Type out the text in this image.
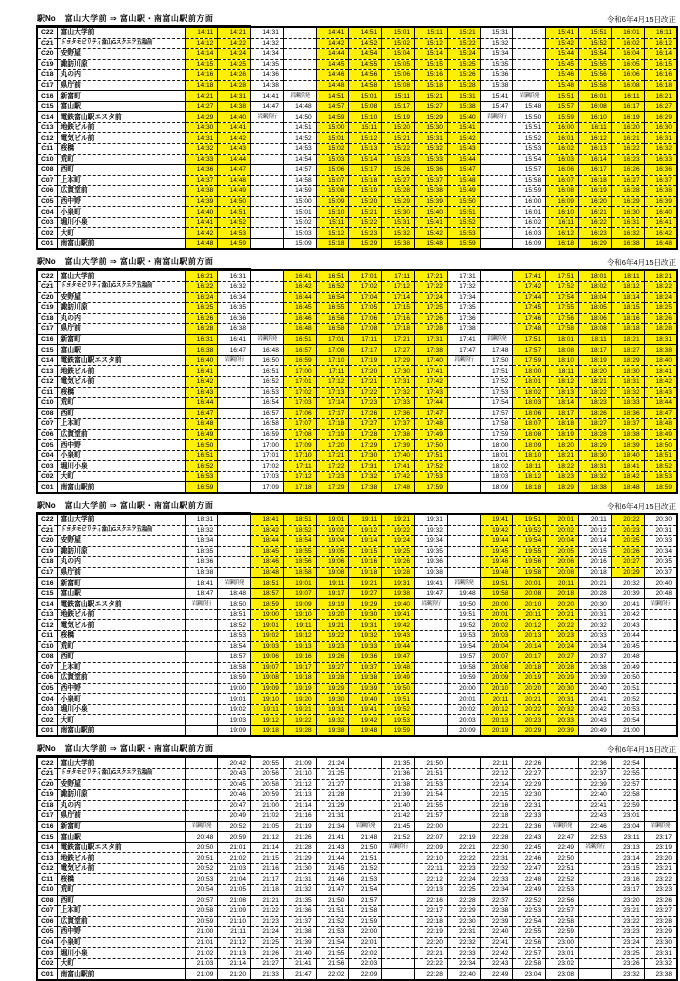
駅No	富山大学前 ⇒ 富山駅・南富山駅前方面	令和6年4月15日改正
C22	富山大学前	14:11	14:21	14:31		14:41	14:51	15:01	15:11	15:21	15:31		15:41	15:51	16:01	16:11
C21	トヨタモビリティ富山Gスクエア五福前	14:12	14:22	14:32		14:42	14:52	15:02	15:12	15:22	15:32		15:42	15:52	16:02	16:12
C20	安野屋	14:14	14:24	14:34		14:44	14:54	15:04	15:14	15:24	15:34		15:44	15:54	16:04	16:14
C19	諏訪川原	14:15	14:25	14:35		14:45	14:55	15:05	15:15	15:25	15:35		15:45	15:55	16:05	16:15
C18	丸の内	14:16	14:26	14:36		14:46	14:56	15:06	15:16	15:26	15:36		15:46	15:56	16:06	16:16
C17	県庁前	14:18	14:28	14:38		14:48	14:58	15:08	15:18	15:28	15:38		15:48	15:58	16:08	16:18
C16	新富町	14:21	14:31	14:41	岩瀬浜発	14:51	15:01	15:11	15:21	15:31	15:41	岩瀬浜発	15:51	16:01	16:11	16:21
C15	富山駅	14:27	14:38	14:47	14:48	14:57	15:08	15:17	15:27	15:38	15:47	15:48	15:57	16:08	16:17	16:27
C14	電鉄富山駅エスタ前	14:29	14:40	岩瀬浜行	14:50	14:59	15:10	15:19	15:29	15:40	岩瀬浜行	15:50	15:59	16:10	16:19	16:29
C13	地鉄ビル前	14:30	14:41		14:51	15:00	15:11	15:20	15:30	15:41		15:51	16:00	16:11	16:20	16:30
C12	電気ビル前	14:31	14:42		14:52	15:01	15:12	15:21	15:31	15:42		15:52	16:01	16:12	16:21	16:31
C11	桜橋	14:32	14:43		14:53	15:02	15:13	15:22	15:32	15:43		15:53	16:02	16:13	16:22	16:32
C10	荒町	14:33	14:44		14:54	15:03	15:14	15:23	15:33	15:44		15:54	16:03	16:14	16:23	16:33
C08	西町	14:36	14:47		14:57	15:06	15:17	15:26	15:36	15:47		15:57	16:06	16:17	16:26	16:36
C07	上本町	14:37	14:48		14:58	15:07	15:18	15:27	15:37	15:48		15:58	16:07	16:18	16:27	16:37
C06	広貫堂前	14:38	14:49		14:59	15:08	15:19	15:28	15:38	15:49		15:59	16:08	16:19	16:28	16:38
C05	西中野	14:39	14:50		15:00	15:09	15:20	15:29	15:39	15:50		16:00	16:09	16:20	16:29	16:39
C04	小泉町	14:40	14:51		15:01	15:10	15:21	15:30	15:40	15:51		16:01	16:10	16:21	16:30	16:40
C03	堀川小泉	14:41	14:52		15:02	15:11	15:22	15:31	15:41	15:52		16:02	16:11	16:22	16:31	16:41
C02	大町	14:42	14:53		15:03	15:12	15:23	15:32	15:42	15:53		16:03	16:12	16:23	16:32	16:42
C01	南富山駅前	14:48	14:59		15:09	15:18	15:29	15:38	15:48	15:59		16:09	16:18	16:29	16:38	16:48
駅No	富山大学前 ⇒ 富山駅・南富山駅前方面	令和6年4月15日改正
C22	富山大学前	16:21	16:31		16:41	16:51	17:01	17:11	17:21	17:31		17:41	17:51	18:01	18:11	18:21
C21	トヨタモビリティ富山Gスクエア五福前	16:22	16:32		16:42	16:52	17:02	17:12	17:22	17:32		17:42	17:52	18:02	18:12	18:22
C20	安野屋	16:24	16:34		16:44	16:54	17:04	17:14	17:24	17:34		17:44	17:54	18:04	18:14	18:24
C19	諏訪川原	16:25	16:35		16:45	16:55	17:05	17:15	17:25	17:35		17:45	17:55	18:05	18:15	18:25
C18	丸の内	16:26	16:36		16:46	16:56	17:06	17:16	17:26	17:36		17:46	17:56	18:06	18:16	18:26
C17	県庁前	16:28	16:38		16:48	16:58	17:08	17:18	17:28	17:38		17:48	17:58	18:08	18:18	18:28
C16	新富町	16:31	16:41	岩瀬浜発	16:51	17:01	17:11	17:21	17:31	17:41	岩瀬浜発	17:51	18:01	18:11	18:21	18:31
C15	富山駅	16:38	16:47	16:48	16:57	17:08	17:17	17:27	17:38	17:47	17:48	17:57	18:08	18:17	18:27	18:38
C14	電鉄富山駅エスタ前	16:40	岩瀬浜行	16:50	16:59	17:10	17:19	17:29	17:40	岩瀬浜行	17:50	17:59	18:10	18:19	18:29	18:40
C13	地鉄ビル前	16:41		16:51	17:00	17:11	17:20	17:30	17:41		17:51	18:00	18:11	18:20	18:30	18:41
C12	電気ビル前	16:42		16:52	17:01	17:12	17:21	17:31	17:42		17:52	18:01	18:12	18:21	18:31	18:42
C11	桜橋	16:43		16:53	17:02	17:13	17:22	17:32	17:43		17:53	18:02	18:13	18:22	18:32	18:43
C10	荒町	16:44		16:54	17:03	17:14	17:23	17:33	17:44		17:54	18:03	18:14	18:23	18:33	18:44
C08	西町	16:47		16:57	17:06	17:17	17:26	17:36	17:47		17:57	18:06	18:17	18:26	18:36	18:47
C07	上本町	16:48		16:58	17:07	17:18	17:27	17:37	17:48		17:58	18:07	18:18	18:27	18:37	18:48
C06	広貫堂前	16:49		16:59	17:08	17:19	17:28	17:38	17:49		17:59	18:08	18:19	18:28	18:38	18:49
C05	西中野	16:50		17:00	17:09	17:20	17:29	17:39	17:50		18:00	18:09	18:20	18:29	18:39	18:50
C04	小泉町	16:51		17:01	17:10	17:21	17:30	17:40	17:51		18:01	18:10	18:21	18:30	18:40	18:51
C03	堀川小泉	16:52		17:02	17:11	17:22	17:31	17:41	17:52		18:02	18:11	18:22	18:31	18:41	18:52
C02	大町	16:53		17:03	17:12	17:23	17:32	17:42	17:53		18:03	18:12	18:23	18:32	18:42	18:53
C01	南富山駅前	16:59		17:09	17:18	17:29	17:38	17:48	17:59		18:09	18:18	18:29	18:38	18:48	18:59
駅No	富山大学前 ⇒ 富山駅・南富山駅前方面	令和6年4月15日改正
C22	富山大学前	18:31		18:41	18:51	19:01	19:11	19:21	19:31		19:41	19:51	20:01	20:11	20:22	20:30
C21	トヨタモビリティ富山Gスクエア五福前	18:32		18:42	18:52	19:02	19:12	19:22	19:32		19:42	19:52	20:02	20:12	20:23	20:31
C20	安野屋	18:34		18:44	18:54	19:04	19:14	19:24	19:34		19:44	19:54	20:04	20:14	20:25	20:33
C19	諏訪川原	18:35		18:45	18:55	19:05	19:15	19:25	19:35		19:45	19:55	20:05	20:15	20:26	20:34
C18	丸の内	18:36		18:46	18:56	19:06	19:16	19:26	19:36		19:46	19:56	20:06	20:16	20:27	20:35
C17	県庁前	18:38		18:48	18:58	19:08	19:18	19:28	19:38		19:48	19:58	20:08	20:18	20:29	20:37
C16	新富町	18:41	岩瀬浜発	18:51	19:01	19:11	19:21	19:31	19:41	岩瀬浜発	19:51	20:01	20:11	20:21	20:32	20:40
C15	富山駅	18:47	18:48	18:57	19:07	19:17	19:27	19:38	19:47	19:48	19:58	20:08	20:18	20:28	20:39	20:48
C14	電鉄富山駅エスタ前	岩瀬浜行	18:50	18:59	19:09	19:19	19:29	19:40	岩瀬浜行	19:50	20:00	20:10	20:20	20:30	20:41	岩瀬浜行
C13	地鉄ビル前		18:51	19:00	19:10	19:20	19:30	19:41		19:51	20:01	20:11	20:21	20:31	20:42	
C12	電気ビル前		18:52	19:01	19:11	19:21	19:31	19:42		19:52	20:02	20:12	20:22	20:32	20:43	
C11	桜橋		18:53	19:02	19:12	19:22	19:32	19:43		19:53	20:03	20:13	20:23	20:33	20:44	
C10	荒町		18:54	19:03	19:13	19:23	19:33	19:44		19:54	20:04	20:14	20:24	20:34	20:45	
C08	西町		18:57	19:06	19:16	19:26	19:36	19:47		19:57	20:07	20:17	20:27	20:37	20:48	
C07	上本町		18:58	19:07	19:17	19:27	19:37	19:48		19:58	20:08	20:18	20:28	20:38	20:49	
C06	広貫堂前		18:59	19:08	19:18	19:28	19:38	19:49		19:59	20:09	20:19	20:29	20:39	20:50	
C05	西中野		19:00	19:09	19:19	19:29	19:39	19:50		20:00	20:10	20:20	20:30	20:40	20:51	
C04	小泉町		19:01	19:10	19:20	19:30	19:40	19:51		20:01	20:11	20:21	20:31	20:41	20:52	
C03	堀川小泉		19:02	19:11	19:21	19:31	19:41	19:52		20:02	20:12	20:22	20:32	20:42	20:53	
C02	大町		19:03	19:12	19:22	19:32	19:42	19:53		20:03	20:13	20:23	20:33	20:43	20:54	
C01	南富山駅前		19:09	19:18	19:28	19:38	19:48	19:59		20:09	20:19	20:29	20:39	20:49	21:00	
駅No	富山大学前 ⇒ 富山駅・南富山駅前方面	令和6年4月15日改正
C22	富山大学前		20:42	20:55	21:09	21:24		21:35	21:50		22:11	22:26		22:36	22:54	
C21	トヨタモビリティ富山Gスクエア五福前		20:43	20:56	21:10	21:25		21:36	21:51		22:12	22:27		22:37	22:55	
C20	安野屋		20:45	20:58	21:12	21:27		21:38	21:53		22:14	22:29		22:39	22:57	
C19	諏訪川原		20:46	20:59	21:13	21:28		21:39	21:54		22:15	22:30		22:40	22:58	
C18	丸の内		20:47	21:00	21:14	21:29		21:40	21:55		22:16	22:31		22:41	22:59	
C17	県庁前		20:49	21:02	21:16	21:31		21:42	21:57		22:18	22:33		22:43	23:01	
C16	新富町	岩瀬浜発	20:52	21:05	21:19	21:34	岩瀬浜発	21:45	22:00		22:21	22:36	岩瀬浜発	22:46	23:04	岩瀬浜発
C15	富山駅	20:48	20:59	21:12	21:26	21:41	21:48	21:52	22:07	22:19	22:28	22:43	22:47	22:53	23:11	23:17
C14	電鉄富山駅エスタ前	20:50	21:01	21:14	21:28	21:43	21:50	岩瀬浜行	22:09	22:21	22:30	22:45	22:49	岩瀬浜行	23:13	23:19
C13	地鉄ビル前	20:51	21:02	21:15	21:29	21:44	21:51		22:10	22:22	22:31	22:46	22:50		23:14	23:20
C12	電気ビル前	20:52	21:03	21:16	21:30	21:45	21:52		22:11	22:23	22:32	22:47	22:51		23:15	23:21
C11	桜橋	20:53	21:04	21:17	21:31	21:46	21:53		22:12	22:24	22:33	22:48	22:52		23:16	23:22
C10	荒町	20:54	21:05	21:18	21:32	21:47	21:54		22:13	22:25	22:34	22:49	22:53		23:17	23:23
C08	西町	20:57	21:08	21:21	21:35	21:50	21:57		22:16	22:28	22:37	22:52	22:56		23:20	23:26
C07	上本町	20:58	21:09	21:22	21:36	21:51	21:58		22:17	22:29	22:38	22:53	22:57		23:21	23:27
C06	広貫堂前	20:59	21:10	21:23	21:37	21:52	21:59		22:18	22:30	22:39	22:54	22:58		23:22	23:28
C05	西中野	21:00	21:11	21:24	21:38	21:53	22:00		22:19	22:31	22:40	22:55	22:59		23:23	23:29
C04	小泉町	21:01	21:12	21:25	21:39	21:54	22:01		22:20	22:32	22:41	22:56	23:00		23:24	23:30
C03	堀川小泉	21:02	21:13	21:26	21:40	21:55	22:02		22:21	22:33	22:42	22:57	23:01		23:25	23:31
C02	大町	21:03	21:14	21:27	21:41	21:56	22:03		22:22	22:34	22:43	22:58	23:02		23:26	23:32
C01	南富山駅前	21:09	21:20	21:33	21:47	22:02	22:09		22:28	22:40	22:49	23:04	23:08		23:32	23:38
